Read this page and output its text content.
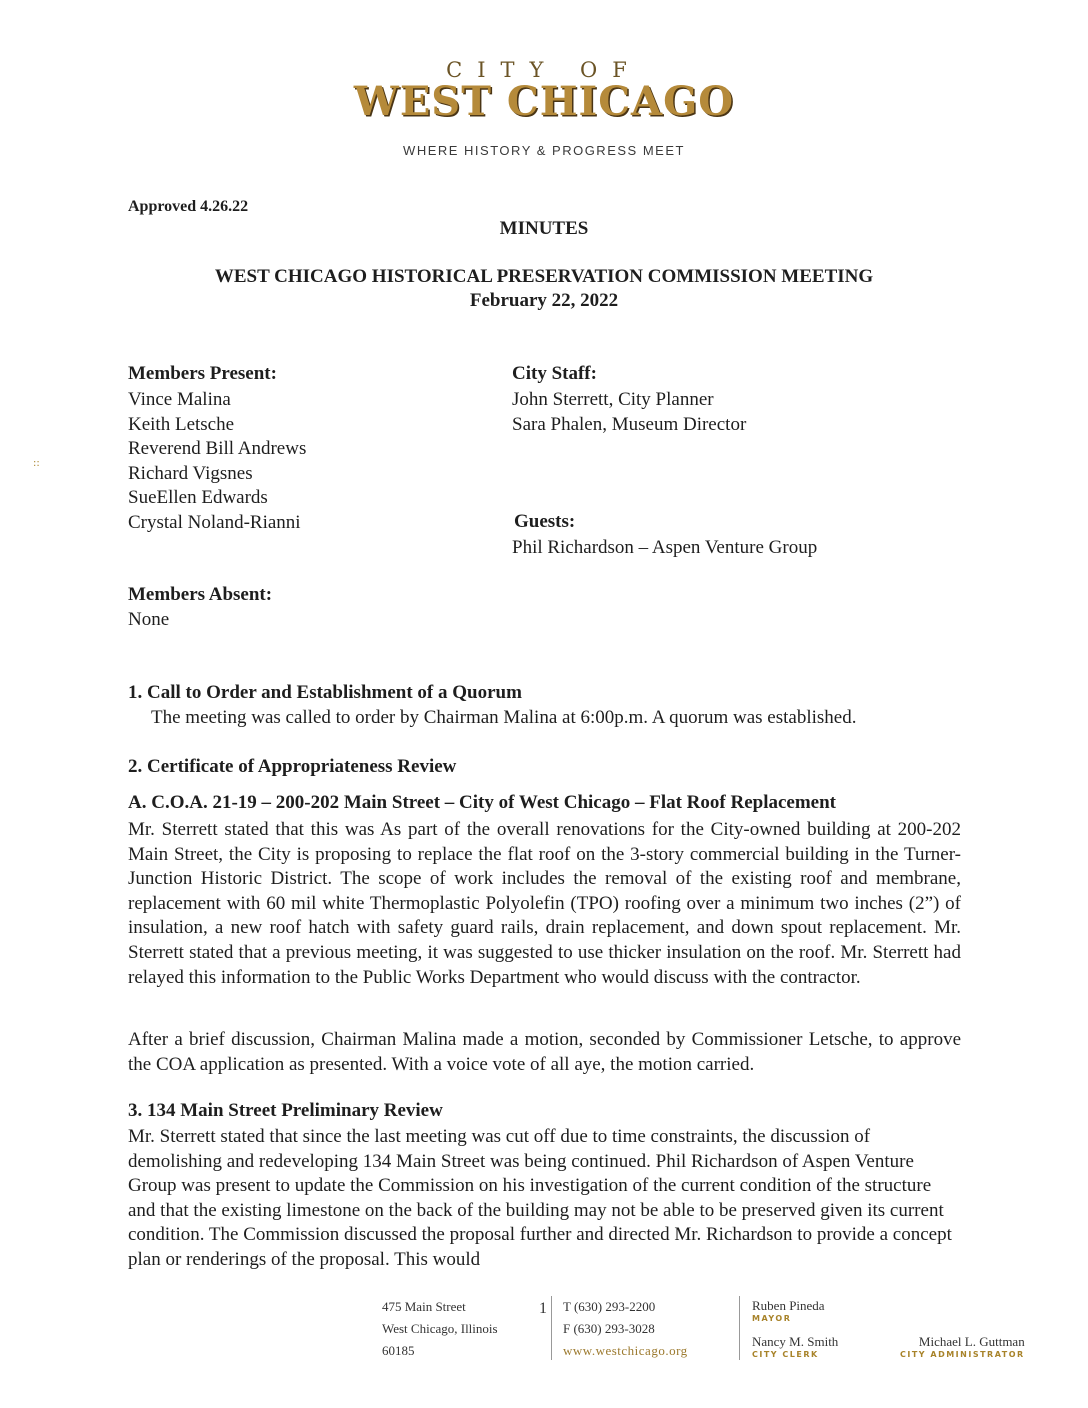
CITY OF
WEST CHICAGO
WHERE HISTORY & PROGRESS MEET
Approved 4.26.22
MINUTES
WEST CHICAGO HISTORICAL PRESERVATION COMMISSION MEETING
February 22, 2022
::
Members Present:
Vince Malina
Keith Letsche
Reverend Bill Andrews
Richard Vigsnes
SueEllen Edwards
Crystal Noland-Rianni
City Staff:
John Sterrett, City Planner
Sara Phalen, Museum Director
Guests:
Phil Richardson – Aspen Venture Group
Members Absent:
None
1. Call to Order and Establishment of a Quorum
The meeting was called to order by Chairman Malina at 6:00p.m. A quorum was established.
2. Certificate of Appropriateness Review
A. C.O.A. 21-19 – 200-202 Main Street – City of West Chicago – Flat Roof Replacement
Mr. Sterrett stated that this was As part of the overall renovations for the City-owned building at 200-202 Main Street, the City is proposing to replace the flat roof on the 3-story commercial building in the Turner-Junction Historic District. The scope of work includes the removal of the existing roof and membrane, replacement with 60 mil white Thermoplastic Polyolefin (TPO) roofing over a minimum two inches (2”) of insulation, a new roof hatch with safety guard rails, drain replacement, and down spout replacement. Mr. Sterrett stated that a previous meeting, it was suggested to use thicker insulation on the roof. Mr. Sterrett had relayed this information to the Public Works Department who would discuss with the contractor.
After a brief discussion, Chairman Malina made a motion, seconded by Commissioner Letsche, to approve the COA application as presented. With a voice vote of all aye, the motion carried.
3. 134 Main Street Preliminary Review
Mr. Sterrett stated that since the last meeting was cut off due to time constraints, the discussion of demolishing and redeveloping 134 Main Street was being continued. Phil Richardson of Aspen Venture Group was present to update the Commission on his investigation of the current condition of the structure and that the existing limestone on the back of the building may not be able to be preserved given its current condition. The Commission discussed the proposal further and directed Mr. Richardson to provide a concept plan or renderings of the proposal. This would
475 Main Street
West Chicago, Illinois
60185
1 T (630) 293-2200
F (630) 293-3028
www.westchicago.org
Ruben Pineda
MAYOR
Nancy M. Smith
CITY CLERK
Michael L. Guttman
CITY ADMINISTRATOR
